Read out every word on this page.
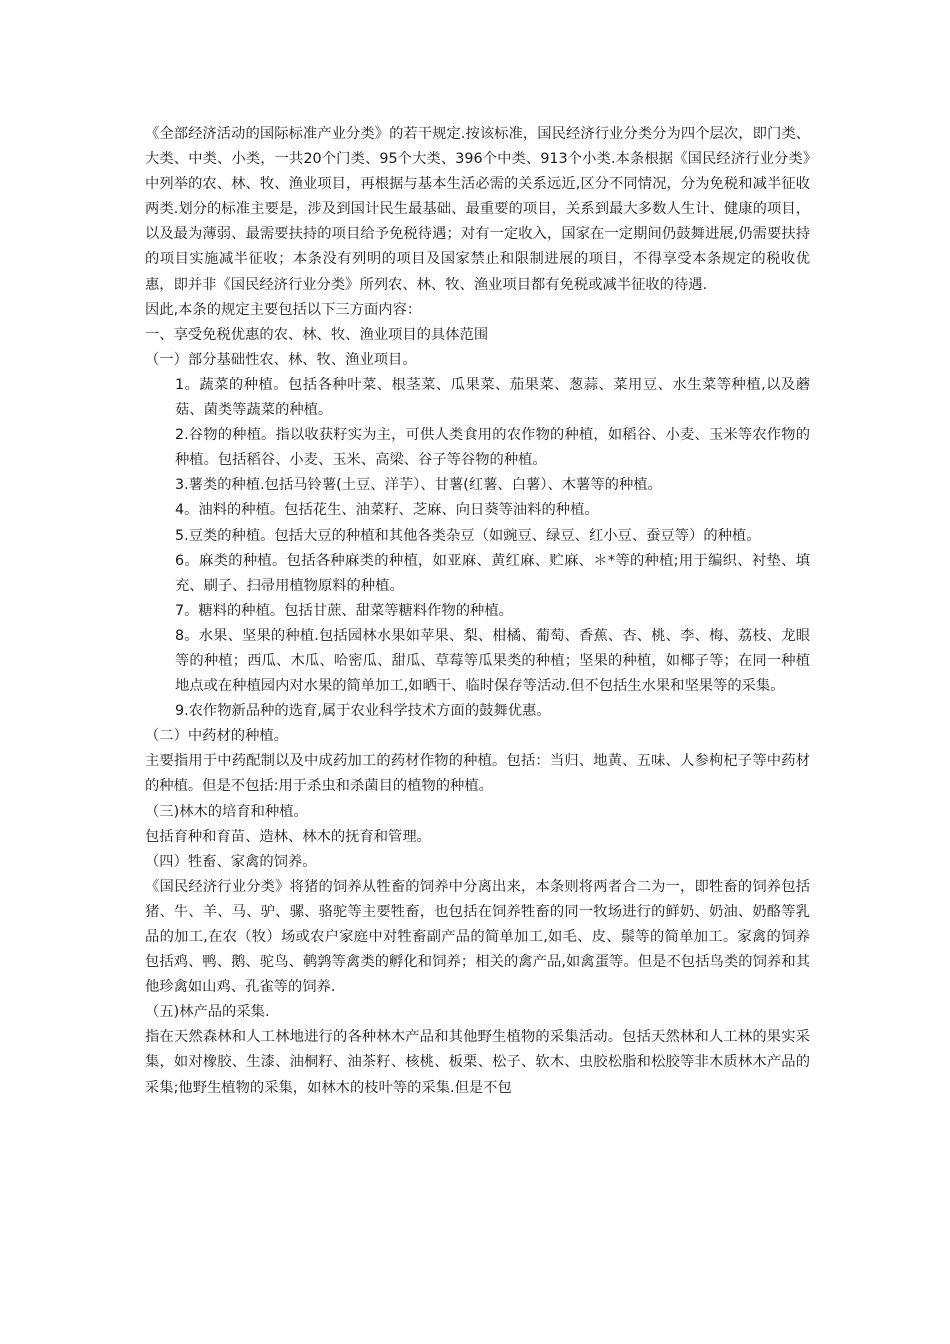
《全部经济活动的国际标准产业分类》的若干规定.按该标准，国民经济行业分类分为四个层次，即门类、大类、中类、小类，一共20个门类、95个大类、396个中类、913个小类.本条根据《国民经济行业分类》中列举的农、林、牧、渔业项目，再根据与基本生活必需的关系远近,区分不同情况，分为免税和减半征收两类.划分的标准主要是，涉及到国计民生最基础、最重要的项目，关系到最大多数人生计、健康的项目，以及最为薄弱、最需要扶持的项目给予免税待遇；对有一定收入，国家在一定期间仍鼓舞进展,仍需要扶持的项目实施减半征收；本条没有列明的项目及国家禁止和限制进展的项目，不得享受本条规定的税收优惠，即并非《国民经济行业分类》所列农、林、牧、渔业项目都有免税或减半征收的待遇.

因此,本条的规定主要包括以下三方面内容：

一、享受免税优惠的农、林、牧、渔业项目的具体范围

（一）部分基础性农、林、牧、渔业项目。

1。蔬菜的种植。包括各种叶菜、根茎菜、瓜果菜、茄果菜、葱蒜、菜用豆、水生菜等种植,以及蘑菇、菌类等蔬菜的种植。

2.谷物的种植。指以收获籽实为主，可供人类食用的农作物的种植，如稻谷、小麦、玉米等农作物的种植。包括稻谷、小麦、玉米、高梁、谷子等谷物的种植。

3.薯类的种植.包括马铃薯(土豆、洋芋）、甘薯(红薯、白薯）、木薯等的种植。

4。油料的种植。包括花生、油菜籽、芝麻、向日葵等油料的种植。

5.豆类的种植。包括大豆的种植和其他各类杂豆（如豌豆、绿豆、红小豆、蚕豆等）的种植。

6。麻类的种植。包括各种麻类的种植，如亚麻、黄红麻、贮麻、＊*等的种植;用于编织、衬垫、填充、刷子、扫帚用植物原料的种植。

7。糖料的种植。包括甘蔗、甜菜等糖料作物的种植。

8。水果、坚果的种植.包括园林水果如苹果、梨、柑橘、葡萄、香蕉、杏、桃、李、梅、荔枝、龙眼等的种植；西瓜、木瓜、哈密瓜、甜瓜、草莓等瓜果类的种植；坚果的种植，如椰子等；在同一种植地点或在种植园内对水果的简单加工,如晒干、临时保存等活动.但不包括生水果和坚果等的采集。

9.农作物新品种的选育,属于农业科学技术方面的鼓舞优惠。

（二）中药材的种植。

主要指用于中药配制以及中成药加工的药材作物的种植。包括：当归、地黄、五味、人参枸杞子等中药材的种植。但是不包括:用于杀虫和杀菌目的植物的种植。

（三)林木的培育和种植。

包括育种和育苗、造林、林木的抚育和管理。

（四）牲畜、家禽的饲养。

《国民经济行业分类》将猪的饲养从牲畜的饲养中分离出来，本条则将两者合二为一，即牲畜的饲养包括猪、牛、羊、马、驴、骡、骆驼等主要牲畜，也包括在饲养牲畜的同一牧场进行的鲜奶、奶油、奶酪等乳品的加工,在农（牧）场或农户家庭中对牲畜副产品的简单加工,如毛、皮、鬃等的简单加工。家禽的饲养包括鸡、鸭、鹅、驼鸟、鹌鹑等禽类的孵化和饲养；相关的禽产品,如禽蛋等。但是不包括鸟类的饲养和其他珍禽如山鸡、孔雀等的饲养.

（五)林产品的采集.

指在天然森林和人工林地进行的各种林木产品和其他野生植物的采集活动。包括天然林和人工林的果实采集，如对橡胶、生漆、油桐籽、油茶籽、核桃、板栗、松子、软木、虫胶松脂和松胶等非木质林木产品的采集;他野生植物的采集，如林木的枝叶等的采集.但是不包
